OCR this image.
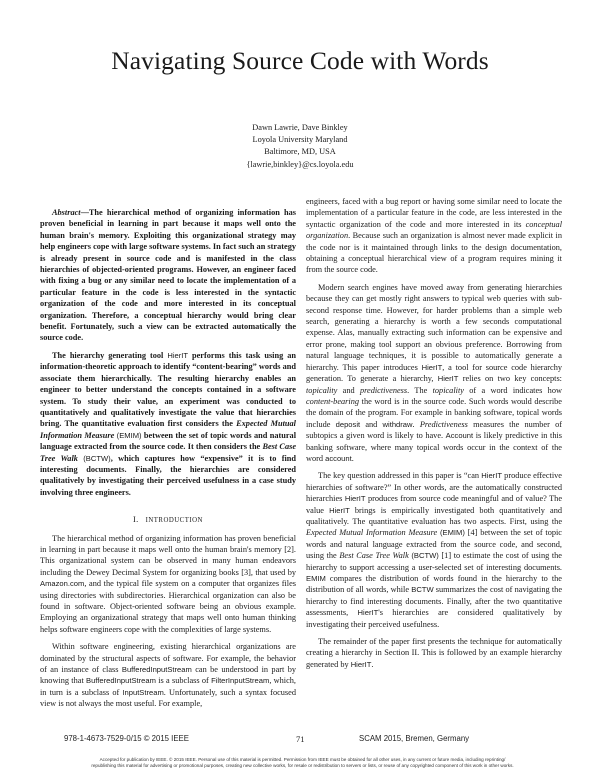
Navigating Source Code with Words
Dawn Lawrie, Dave Binkley
Loyola University Maryland
Baltimore, MD, USA
{lawrie,binkley}@cs.loyola.edu

Abstract—The hierarchical method of organizing information has proven beneficial in learning in part because it maps well onto the human brain's memory. Exploiting this organizational strategy may help engineers cope with large software systems. In fact such an strategy is already present in source code and is manifested in the class hierarchies of objected-oriented programs. However, an engineer faced with fixing a bug or any similar need to locate the implementation of a particular feature in the code is less interested in the syntactic organization of the code and more interested in its conceptual organization. Therefore, a conceptual hierarchy would bring clear benefit. Fortunately, such a view can be extracted automatically the source code.

The hierarchy generating tool HierIT performs this task using an information-theoretic approach to identify “content-bearing” words and associate them hierarchically. The resulting hierarchy enables an engineer to better understand the concepts contained in a software system. To study their value, an experiment was conducted to quantitatively and qualitatively investigate the value that hierarchies bring. The quantitative evaluation first considers the Expected Mutual Information Measure (EMIM) between the set of topic words and natural language extracted from the source code. It then considers the Best Case Tree Walk (BCTW), which captures how “expensive” it is to find interesting documents. Finally, the hierarchies are considered qualitatively by investigating their perceived usefulness in a case study involving three engineers.

I. INTRODUCTION

The hierarchical method of organizing information has proven beneficial in learning in part because it maps well onto the human brain's memory [2]. This organizational system can be observed in many human endeavors including the Dewey Decimal System for organizing books [3], that used by Amazon.com, and the typical file system on a computer that organizes files using directories with subdirectories. Hierarchical organization can also be found in software. Object-oriented software being an obvious example. Employing an organizational strategy that maps well onto human thinking helps software engineers cope with the complexities of large systems.

Within software engineering, existing hierarchical organizations are dominated by the structural aspects of software. For example, the behavior of an instance of class BufferedInputStream can be understood in part by knowing that BufferedInputStream is a subclass of FilterInputStream, which, in turn is a subclass of InputStream. Unfortunately, such a syntax focused view is not always the most useful. For example,

engineers, faced with a bug report or having some similar need to locate the implementation of a particular feature in the code, are less interested in the syntactic organization of the code and more interested in its conceptual organization. Because such an organization is almost never made explicit in the code nor is it maintained through links to the design documentation, obtaining a conceptual hierarchical view of a program requires mining it from the source code.

Modern search engines have moved away from generating hierarchies because they can get mostly right answers to typical web queries with sub-second response time. However, for harder problems than a simple web search, generating a hierarchy is worth a few seconds computational expense. Alas, manually extracting such information can be expensive and error prone, making tool support an obvious preference. Borrowing from natural language techniques, it is possible to automatically generate a hierarchy. This paper introduces HierIT, a tool for source code hierarchy generation. To generate a hierarchy, HierIT relies on two key concepts: topicality and predictiveness. The topicality of a word indicates how content-bearing the word is in the source code. Such words would describe the domain of the program. For example in banking software, topical words include deposit and withdraw. Predictiveness measures the number of subtopics a given word is likely to have. Account is likely predictive in this banking software, where many topical words occur in the context of the word account.

The key question addressed in this paper is “can HierIT produce effective hierarchies of software?” In other words, are the automatically constructed hierarchies HierIT produces from source code meaningful and of value? The value HierIT brings is empirically investigated both quantitatively and qualitatively. The quantitative evaluation has two aspects. First, using the Expected Mutual Information Measure (EMIM) [4] between the set of topic words and natural language extracted from the source code, and second, using the Best Case Tree Walk (BCTW) [1] to estimate the cost of using the hierarchy to support accessing a user-selected set of interesting documents. EMIM compares the distribution of words found in the hierarchy to the distribution of all words, while BCTW summarizes the cost of navigating the hierarchy to find interesting documents. Finally, after the two quantitative assessments, HierIT's hierarchies are considered qualitatively by investigating their perceived usefulness.

The remainder of the paper first presents the technique for automatically creating a hierarchy in Section II. This is followed by an example hierarchy generated by HierIT.

978-1-4673-7529-0/15 © 2015 IEEE	71	SCAM 2015, Bremen, Germany
Accepted for publication by IEEE. © 2015 IEEE. Personal use of this material is permitted. Permission from IEEE must be obtained for all other uses, in any current or future media, including reprinting/
republishing this material for advertising or promotional purposes, creating new collective works, for resale or redistribution to servers or lists, or reuse of any copyrighted component of this work in other works.
